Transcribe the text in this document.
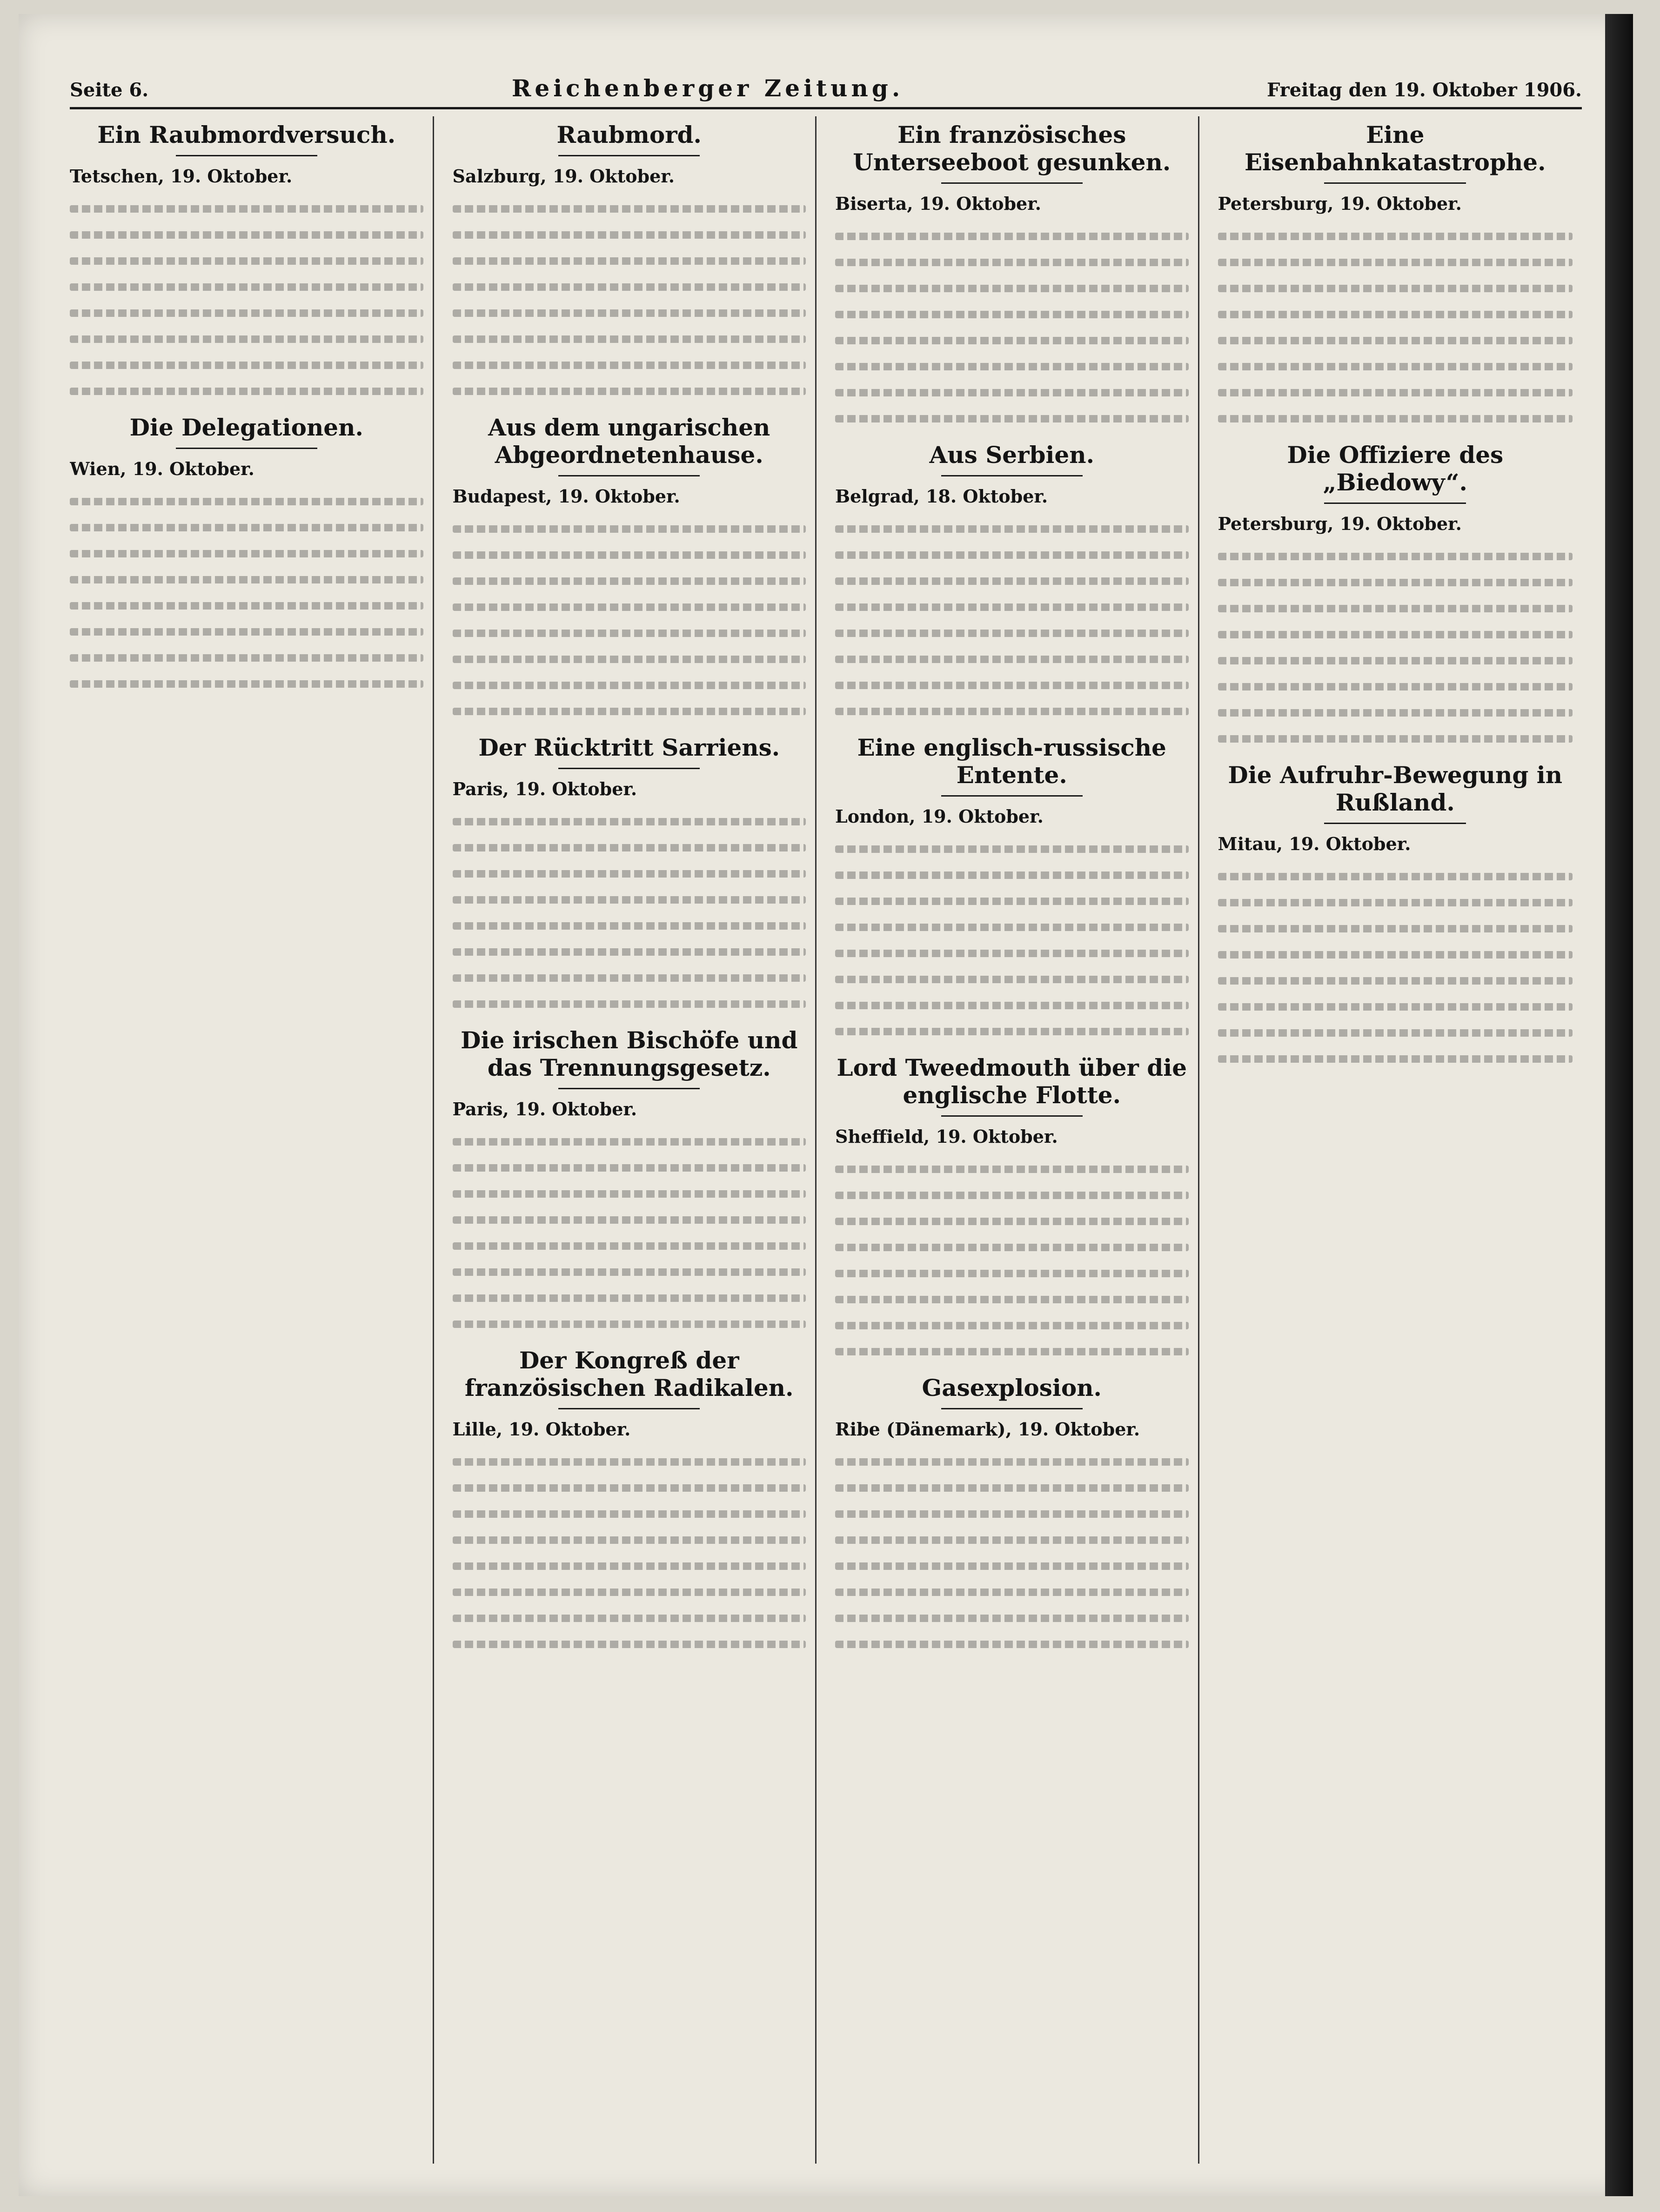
Seite 6.	Reichenberger Zeitung.	Freitag den 19. Oktober 1906.
Ein Raubmordversuch.
Tetschen, 19. Oktober.
Die Delegationen.
Wien, 19. Oktober.
Raubmord.
Salzburg, 19. Oktober.
Aus dem ungarischen Abgeordnetenhause.
Budapest, 19. Oktober.
Der Rücktritt Sarriens.
Paris, 19. Oktober.
Die irischen Bischöfe und das Trennungsgesetz.
Paris, 19. Oktober.
Der Kongreß der französischen Radikalen.
Lille, 19. Oktober.
Ein französisches Unterseeboot gesunken.
Biserta, 19. Oktober.
Aus Serbien.
Belgrad, 18. Oktober.
Eine englisch-russische Entente.
London, 19. Oktober.
Lord Tweedmouth über die englische Flotte.
Sheffield, 19. Oktober.
Gasexplosion.
Ribe (Dänemark), 19. Oktober.
Eine Eisenbahnkatastrophe.
Petersburg, 19. Oktober.
Die Offiziere des „Biedowy“.
Petersburg, 19. Oktober.
Die Aufruhr-Bewegung in Rußland.
Mitau, 19. Oktober.
